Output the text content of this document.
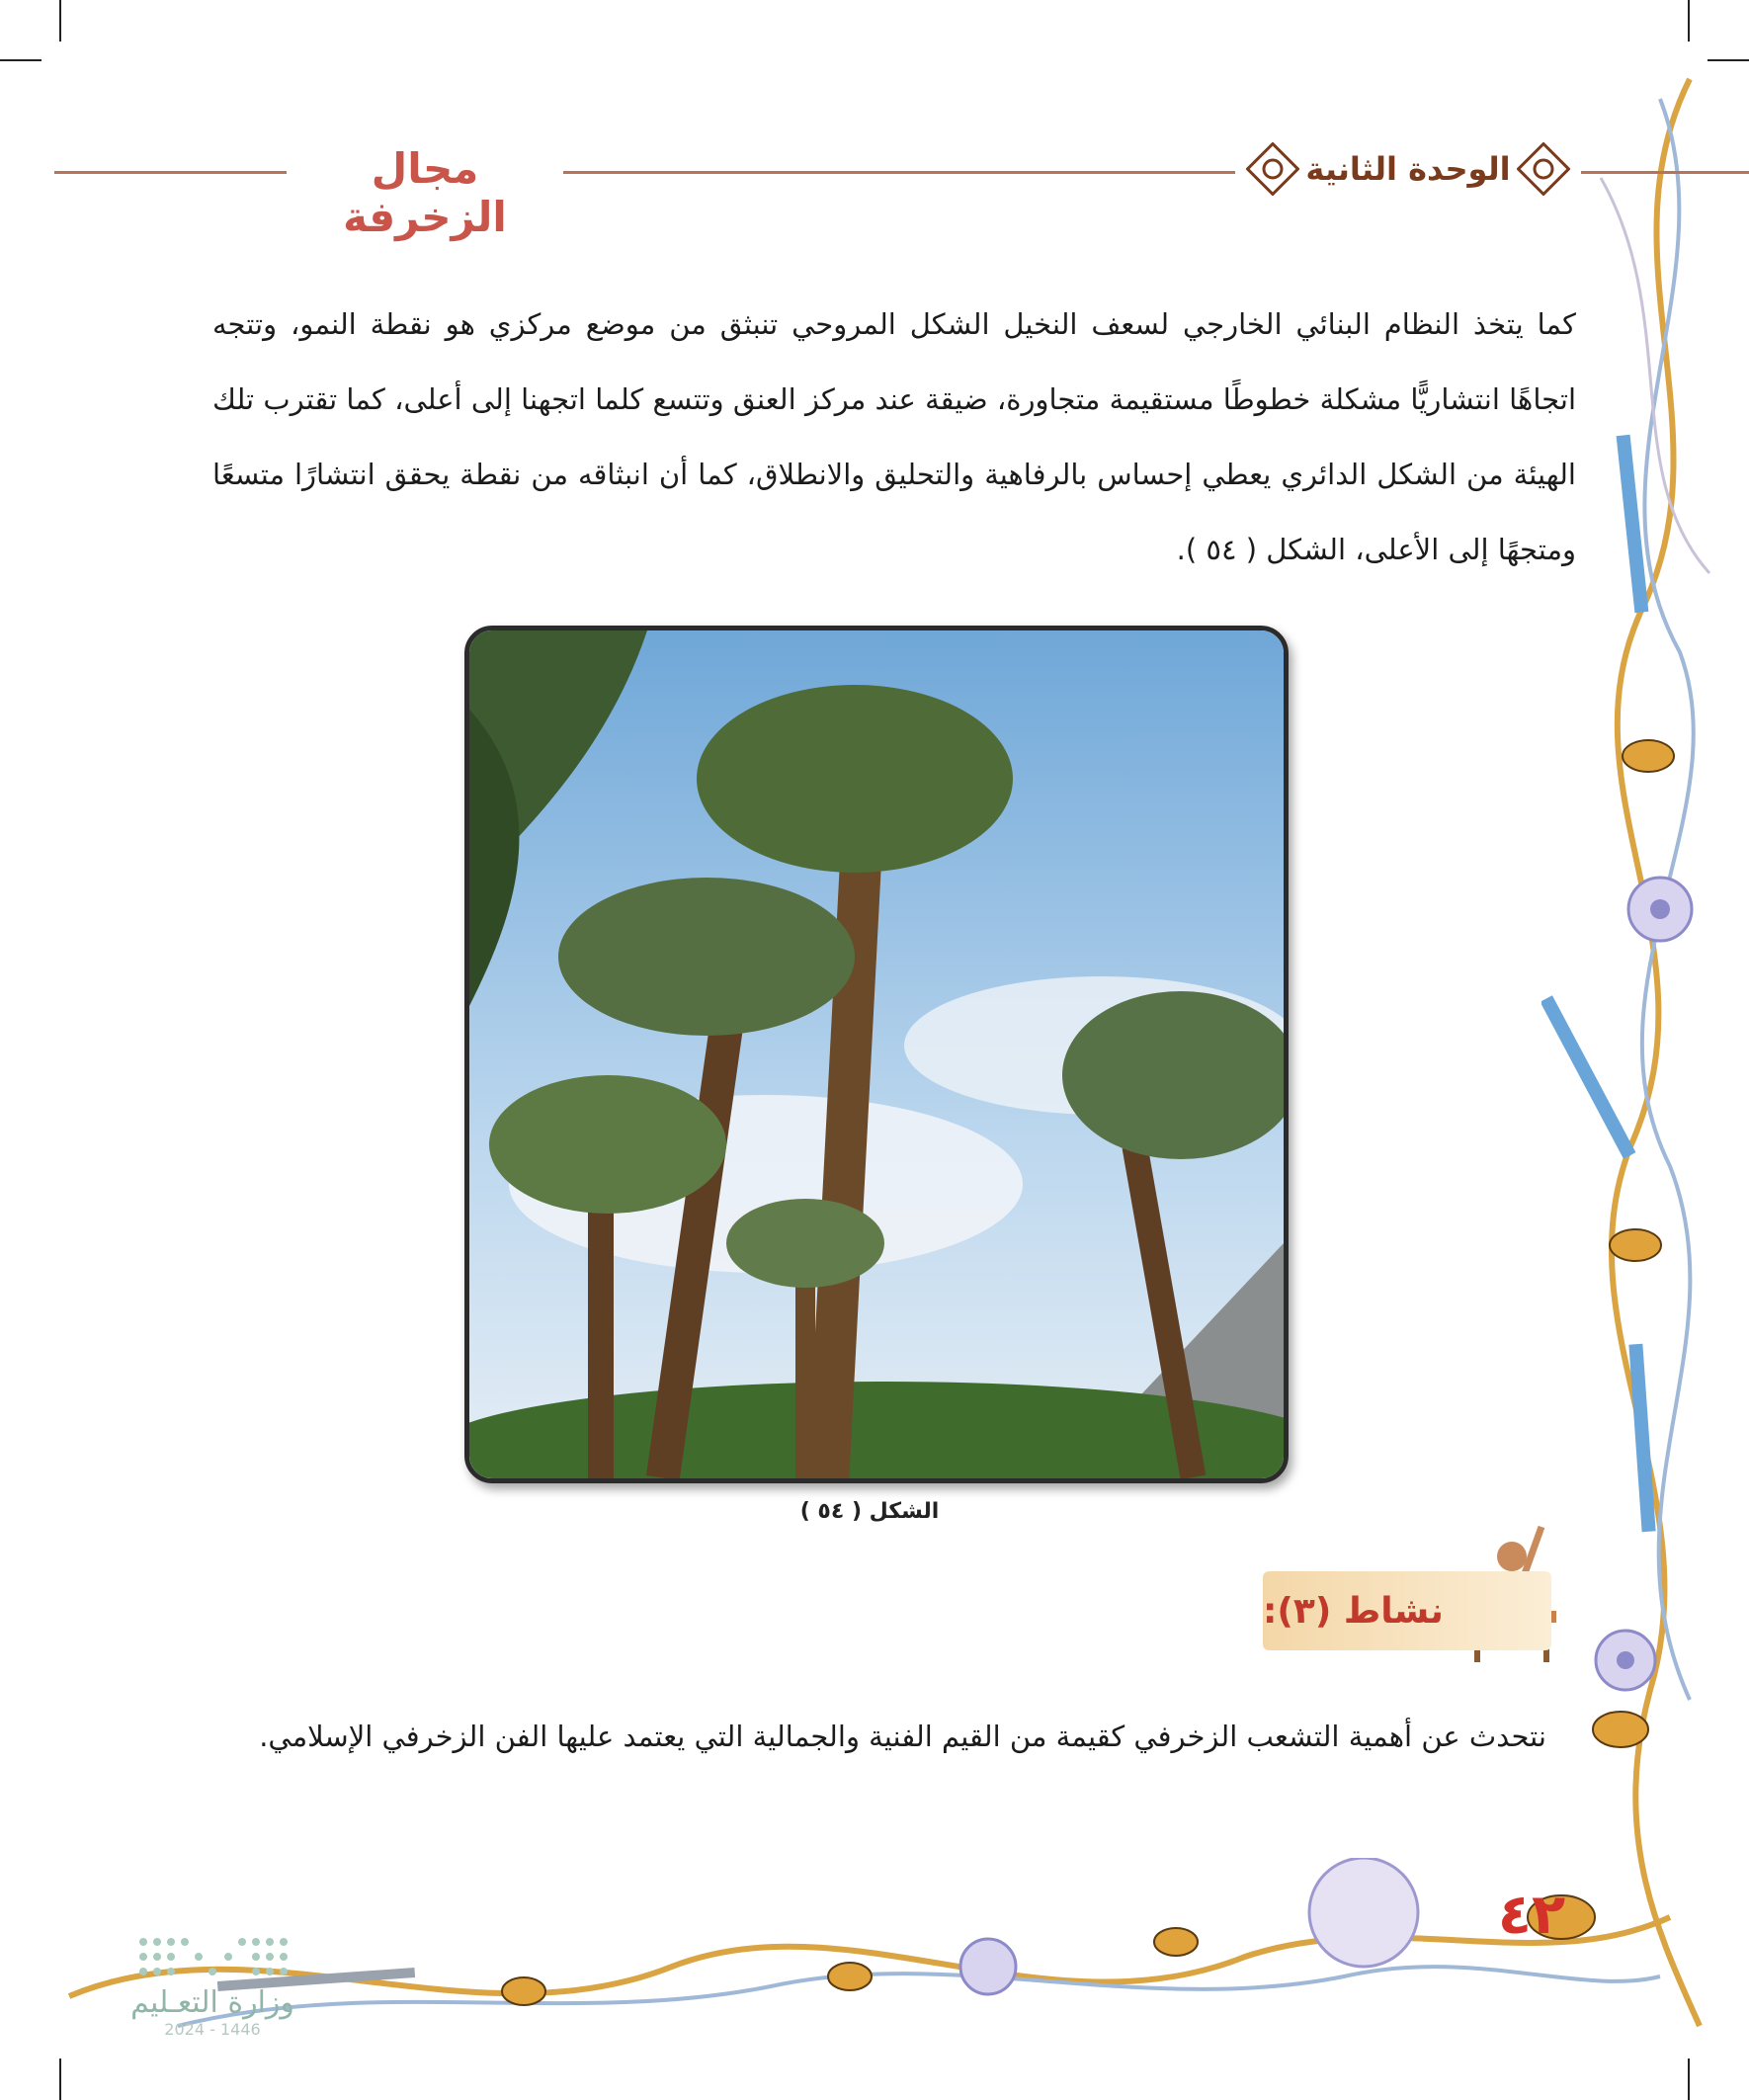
الوحدة الثانية
مجال الزخرفة
كما يتخذ النظام البنائي الخارجي لسعف النخيل الشكل المروحي تنبثق من موضع مركزي هو نقطة النمو، وتتجه اتجاهًا انتشاريًّا مشكلة خطوطًا مستقيمة متجاورة، ضيقة عند مركز العنق وتتسع كلما اتجهنا إلى أعلى، كما تقترب تلك الهيئة من الشكل الدائري يعطي إحساس بالرفاهية والتحليق والانطلاق، كما أن انبثاقه من نقطة يحقق انتشارًا متسعًا ومتجهًا إلى الأعلى، الشكل ( ٥٤ ).
الشكل ( ٥٤ )
نشاط (٣):
نتحدث عن أهمية التشعب الزخرفي كقيمة من القيم الفنية والجمالية التي يعتمد عليها الفن الزخرفي الإسلامي.
٤٢
وزارة التعـليم
2024 - 1446
